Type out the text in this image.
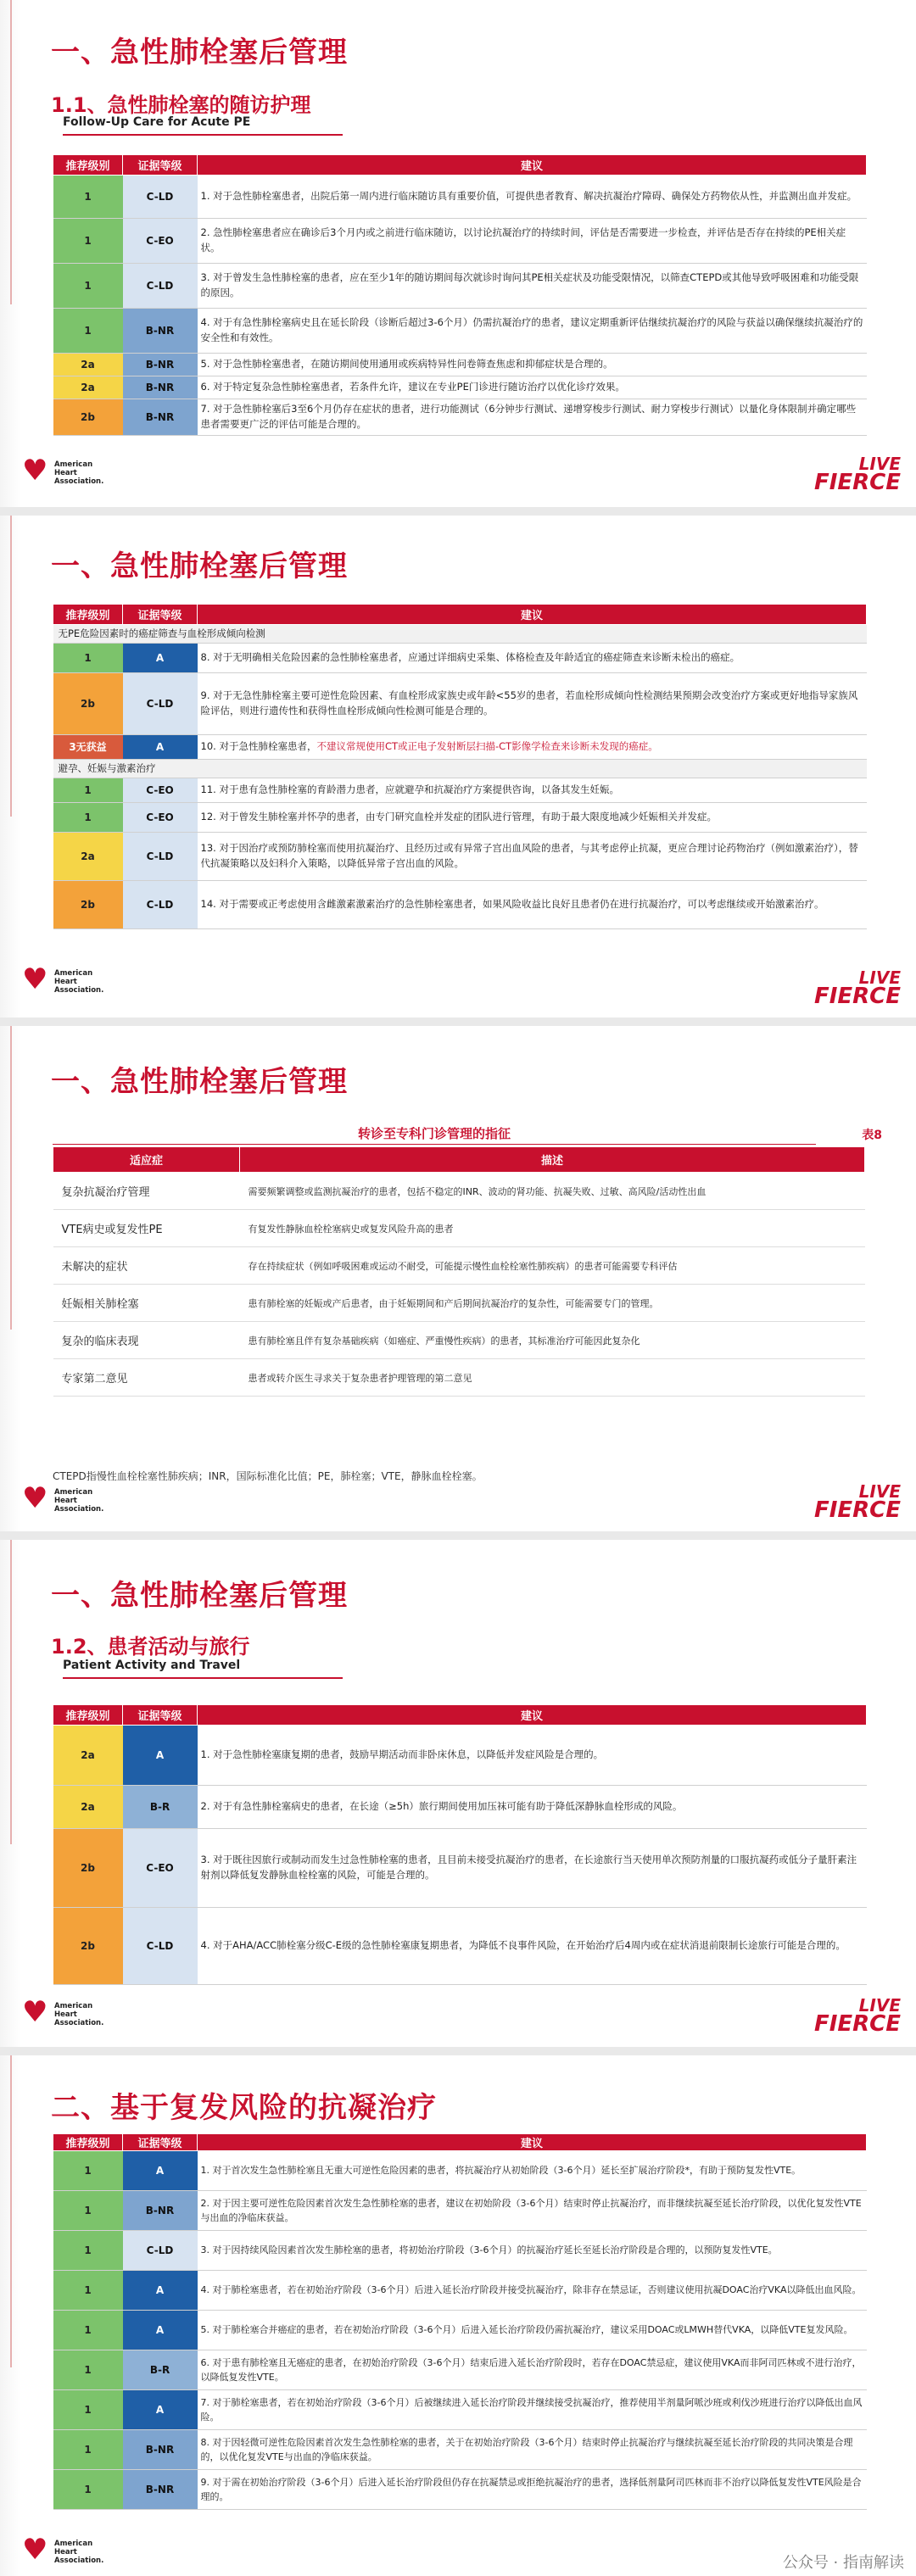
一、急性肺栓塞后管理
1.1、急性肺栓塞的随访护理
Follow-Up Care for Acute PE
推荐级别	证据等级	建议
1	C-LD	1. 对于急性肺栓塞患者，出院后第一周内进行临床随访具有重要价值，可提供患者教育、解决抗凝治疗障碍、确保处方药物依从性，并监测出血并发症。
1	C-EO	2. 急性肺栓塞患者应在确诊后3个月内或之前进行临床随访，以讨论抗凝治疗的持续时间，评估是否需要进一步检查，并评估是否存在持续的PE相关症状。
1	C-LD	3. 对于曾发生急性肺栓塞的患者，应在至少1年的随访期间每次就诊时询问其PE相关症状及功能受限情况，以筛查CTEPD或其他导致呼吸困难和功能受限的原因。
1	B-NR	4. 对于有急性肺栓塞病史且在延长阶段（诊断后超过3-6个月）仍需抗凝治疗的患者，建议定期重新评估继续抗凝治疗的风险与获益以确保继续抗凝治疗的安全性和有效性。
2a	B-NR	5. 对于急性肺栓塞患者，在随访期间使用通用或疾病特异性问卷筛查焦虑和抑郁症状是合理的。
2a	B-NR	6. 对于特定复杂急性肺栓塞患者，若条件允许，建议在专业PE门诊进行随访治疗以优化诊疗效果。
2b	B-NR	7. 对于急性肺栓塞后3至6个月仍存在症状的患者，进行功能测试（6分钟步行测试、递增穿梭步行测试、耐力穿梭步行测试）以量化身体限制并确定哪些患者需要更广泛的评估可能是合理的。
♥ American Heart Association.
LIVE
FIERCE
一、急性肺栓塞后管理
推荐级别	证据等级	建议
无PE危险因素时的癌症筛查与血栓形成倾向检测		
1	A	8. 对于无明确相关危险因素的急性肺栓塞患者，应通过详细病史采集、体格检查及年龄适宜的癌症筛查来诊断未检出的癌症。
2b	C-LD	9. 对于无急性肺栓塞主要可逆性危险因素、有血栓形成家族史或年龄<55岁的患者，若血栓形成倾向性检测结果预期会改变治疗方案或更好地指导家族风险评估，则进行遗传性和获得性血栓形成倾向性检测可能是合理的。
3无获益	A	10. 对于急性肺栓塞患者，不建议常规使用CT或正电子发射断层扫描-CT影像学检查来诊断未发现的癌症。
避孕、妊娠与激素治疗		
1	C-EO	11. 对于患有急性肺栓塞的育龄潜力患者，应就避孕和抗凝治疗方案提供咨询，以备其发生妊娠。
1	C-EO	12. 对于曾发生肺栓塞并怀孕的患者，由专门研究血栓并发症的团队进行管理，有助于最大限度地减少妊娠相关并发症。
2a	C-LD	13. 对于因治疗或预防肺栓塞而使用抗凝治疗、且经历过或有异常子宫出血风险的患者，与其考虑停止抗凝，更应合理讨论药物治疗（例如激素治疗），替代抗凝策略以及妇科介入策略，以降低异常子宫出血的风险。
2b	C-LD	14. 对于需要或正考虑使用含雌激素激素治疗的急性肺栓塞患者，如果风险收益比良好且患者仍在进行抗凝治疗，可以考虑继续或开始激素治疗。
♥ American Heart Association.
LIVE
FIERCE
一、急性肺栓塞后管理
转诊至专科门诊管理的指征	表8
适应症	描述
复杂抗凝治疗管理	需要频繁调整或监测抗凝治疗的患者，包括不稳定的INR、波动的肾功能、抗凝失败、过敏、高风险/活动性出血
VTE病史或复发性PE	有复发性静脉血栓栓塞病史或复发风险升高的患者
未解决的症状	存在持续症状（例如呼吸困难或运动不耐受，可能提示慢性血栓栓塞性肺疾病）的患者可能需要专科评估
妊娠相关肺栓塞	患有肺栓塞的妊娠或产后患者，由于妊娠期间和产后期间抗凝治疗的复杂性，可能需要专门的管理。
复杂的临床表现	患有肺栓塞且伴有复杂基础疾病（如癌症、严重慢性疾病）的患者，其标准治疗可能因此复杂化
专家第二意见	患者或转介医生寻求关于复杂患者护理管理的第二意见
CTEPD指慢性血栓栓塞性肺疾病；INR，国际标准化比值；PE，肺栓塞；VTE，静脉血栓栓塞。
♥ American Heart Association.
LIVE
FIERCE
一、急性肺栓塞后管理
1.2、患者活动与旅行
Patient Activity and Travel
推荐级别	证据等级	建议
2a	A	1. 对于急性肺栓塞康复期的患者，鼓励早期活动而非卧床休息，以降低并发症风险是合理的。
2a	B-R	2. 对于有急性肺栓塞病史的患者，在长途（≥5h）旅行期间使用加压袜可能有助于降低深静脉血栓形成的风险。
2b	C-EO	3. 对于既往因旅行或制动而发生过急性肺栓塞的患者，且目前未接受抗凝治疗的患者，在长途旅行当天使用单次预防剂量的口服抗凝药或低分子量肝素注射剂以降低复发静脉血栓栓塞的风险，可能是合理的。
2b	C-LD	4. 对于AHA/ACC肺栓塞分级C-E级的急性肺栓塞康复期患者，为降低不良事件风险，在开始治疗后4周内或在症状消退前限制长途旅行可能是合理的。
♥ American Heart Association.
LIVE
FIERCE
二、基于复发风险的抗凝治疗
推荐级别	证据等级	建议
1	A	1. 对于首次发生急性肺栓塞且无重大可逆性危险因素的患者，将抗凝治疗从初始阶段（3-6个月）延长至扩展治疗阶段*，有助于预防复发性VTE。
1	B-NR	2. 对于因主要可逆性危险因素首次发生急性肺栓塞的患者，建议在初始阶段（3-6个月）结束时停止抗凝治疗，而非继续抗凝至延长治疗阶段，以优化复发性VTE与出血的净临床获益。
1	C-LD	3. 对于因持续风险因素首次发生肺栓塞的患者，将初始治疗阶段（3-6个月）的抗凝治疗延长至延长治疗阶段是合理的，以预防复发性VTE。
1	A	4. 对于肺栓塞患者，若在初始治疗阶段（3-6个月）后进入延长治疗阶段并接受抗凝治疗，除非存在禁忌证，否则建议使用抗凝DOAC治疗VKA以降低出血风险。
1	A	5. 对于肺栓塞合并癌症的患者，若在初始治疗阶段（3-6个月）后进入延长治疗阶段仍需抗凝治疗，建议采用DOAC或LMWH替代VKA，以降低VTE复发风险。
1	B-R	6. 对于患有肺栓塞且无癌症的患者，在初始治疗阶段（3-6个月）结束后进入延长治疗阶段时，若存在DOAC禁忌症，建议使用VKA而非阿司匹林或不进行治疗，以降低复发性VTE。
1	A	7. 对于肺栓塞患者，若在初始治疗阶段（3-6个月）后被继续进入延长治疗阶段并继续接受抗凝治疗，推荐使用半剂量阿哌沙班或利伐沙班进行治疗以降低出血风险。
1	B-NR	8. 对于因轻微可逆性危险因素首次发生急性肺栓塞的患者，关于在初始治疗阶段（3-6个月）结束时停止抗凝治疗与继续抗凝至延长治疗阶段的共同决策是合理的，以优化复发VTE与出血的净临床获益。
1	B-NR	9. 对于需在初始治疗阶段（3-6个月）后进入延长治疗阶段但仍存在抗凝禁忌或拒绝抗凝治疗的患者，选择低剂量阿司匹林而非不治疗以降低复发性VTE风险是合理的。
♥ American Heart Association.	公众号 · 指南解读
